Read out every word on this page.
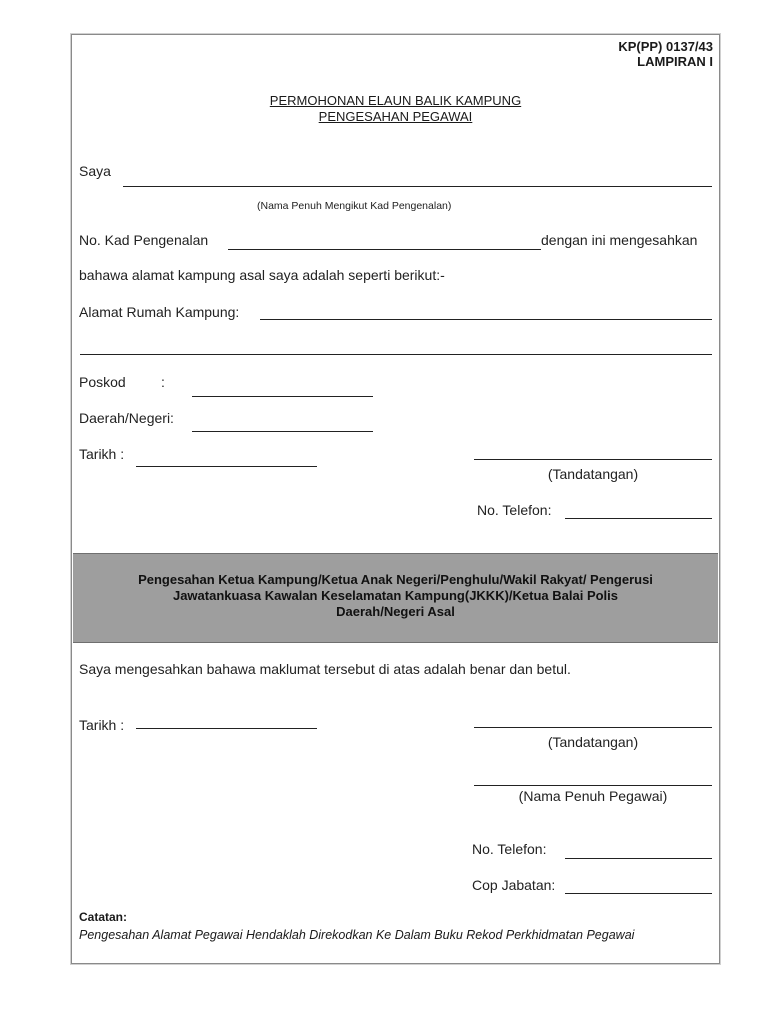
KP(PP) 0137/43
LAMPIRAN I
PERMOHONAN ELAUN BALIK KAMPUNG
PENGESAHAN PEGAWAI
Saya
(Nama Penuh Mengikut Kad Pengenalan)
No. Kad Pengenalan	dengan ini mengesahkan
bahawa alamat kampung asal saya adalah seperti berikut:-
Alamat Rumah Kampung:
Poskod	:
Daerah/Negeri:
Tarikh :
(Tandatangan)
No. Telefon:
Pengesahan Ketua Kampung/Ketua Anak Negeri/Penghulu/Wakil Rakyat/ Pengerusi
Jawatankuasa Kawalan Keselamatan Kampung(JKKK)/Ketua Balai Polis
Daerah/Negeri Asal
Saya mengesahkan bahawa maklumat tersebut di atas adalah benar dan betul.
Tarikh :
(Tandatangan)
(Nama Penuh Pegawai)
No. Telefon:
Cop Jabatan:
Catatan:
Pengesahan Alamat Pegawai Hendaklah Direkodkan Ke Dalam Buku Rekod Perkhidmatan Pegawai
